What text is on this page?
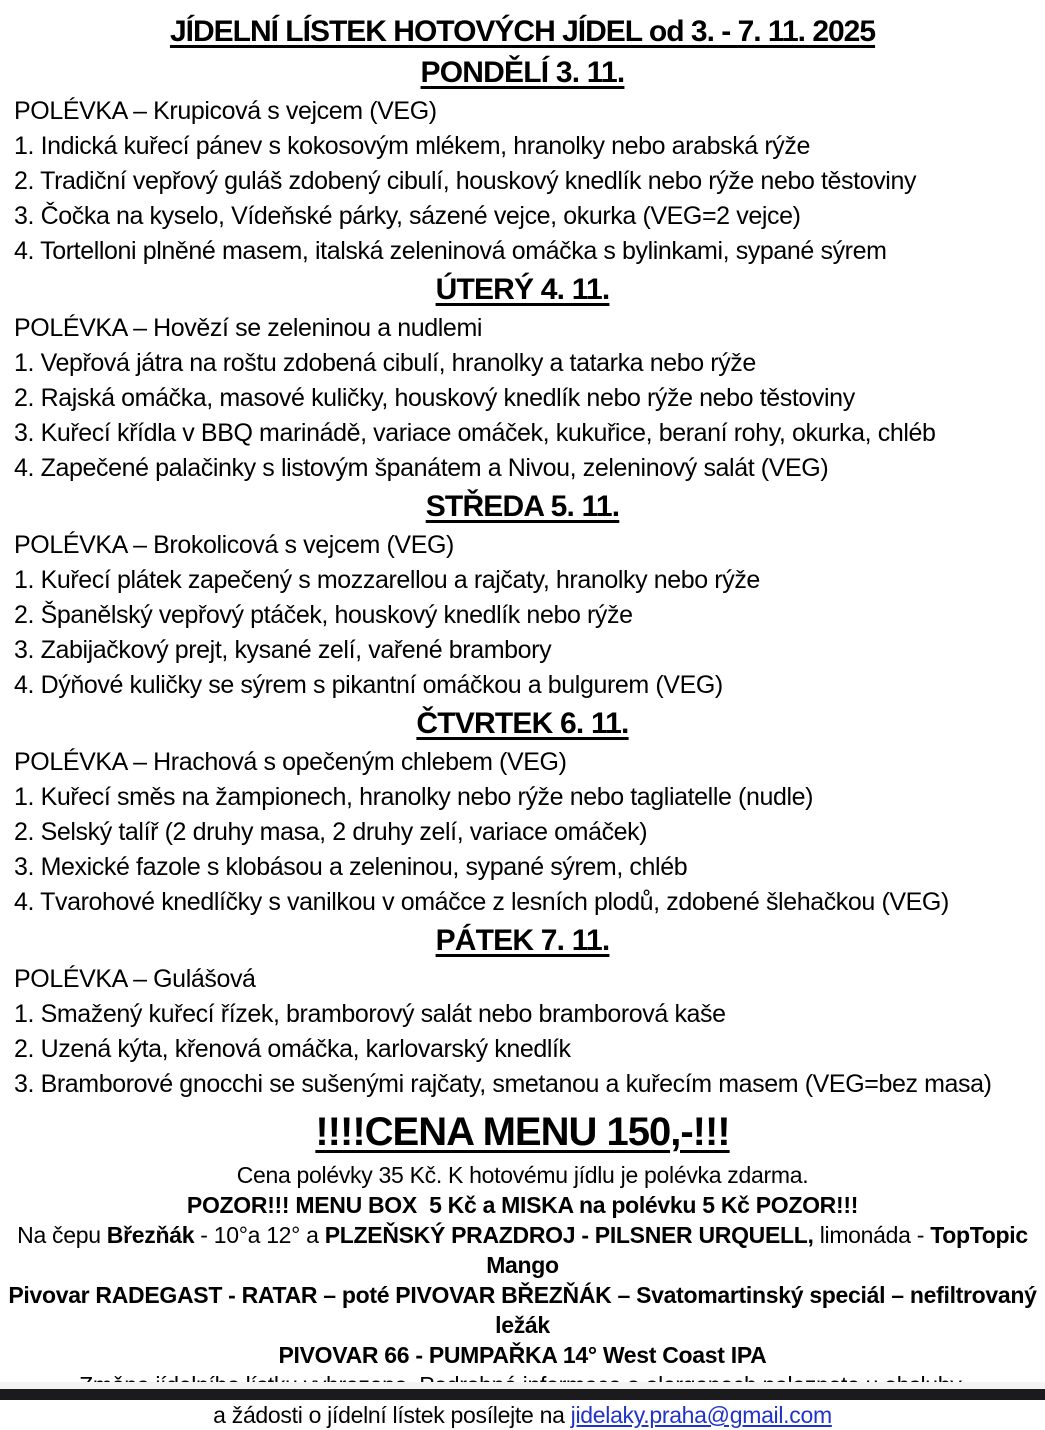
JÍDELNÍ LÍSTEK HOTOVÝCH JÍDEL od 3. - 7. 11. 2025
PONDĚLÍ 3. 11.

POLÉVKA – Krupicová s vejcem (VEG)

1. Indická kuřecí pánev s kokosovým mlékem, hranolky nebo arabská rýže

2. Tradiční vepřový guláš zdobený cibulí, houskový knedlík nebo rýže nebo těstoviny

3. Čočka na kyselo, Vídeňské párky, sázené vejce, okurka (VEG=2 vejce)

4. Tortelloni plněné masem, italská zeleninová omáčka s bylinkami, sypané sýrem

ÚTERÝ 4. 11.

POLÉVKA – Hovězí se zeleninou a nudlemi

1. Vepřová játra na roštu zdobená cibulí, hranolky a tatarka nebo rýže

2. Rajská omáčka, masové kuličky, houskový knedlík nebo rýže nebo těstoviny

3. Kuřecí křídla v BBQ marinádě, variace omáček, kukuřice, beraní rohy, okurka, chléb

4. Zapečené palačinky s listovým španátem a Nivou, zeleninový salát (VEG)

STŘEDA 5. 11.

POLÉVKA – Brokolicová s vejcem (VEG)

1. Kuřecí plátek zapečený s mozzarellou a rajčaty, hranolky nebo rýže

2. Španělský vepřový ptáček, houskový knedlík nebo rýže

3. Zabijačkový prejt, kysané zelí, vařené brambory

4. Dýňové kuličky se sýrem s pikantní omáčkou a bulgurem (VEG)

ČTVRTEK 6. 11.

POLÉVKA – Hrachová s opečeným chlebem (VEG)

1. Kuřecí směs na žampionech, hranolky nebo rýže nebo tagliatelle (nudle)

2. Selský talíř (2 druhy masa, 2 druhy zelí, variace omáček)

3. Mexické fazole s klobásou a zeleninou, sypané sýrem, chléb

4. Tvarohové knedlíčky s vanilkou v omáčce z lesních plodů, zdobené šlehačkou (VEG)

PÁTEK 7. 11.

POLÉVKA – Gulášová

1. Smažený kuřecí řízek, bramborový salát nebo bramborová kaše

2. Uzená kýta, křenová omáčka, karlovarský knedlík

3. Bramborové gnocchi se sušenými rajčaty, smetanou a kuřecím masem (VEG=bez masa)

!!!!CENA MENU 150,-!!!

Cena polévky 35 Kč. K hotovému jídlu je polévka zdarma.

POZOR!!! MENU BOX  5 Kč a MISKA na polévku 5 Kč POZOR!!!

Na čepu Březňák - 10°a 12° a PLZEŇSKÝ PRAZDROJ - PILSNER URQUELL, limonáda - TopTopic Mango

Pivovar RADEGAST - RATAR – poté PIVOVAR BŘEZŇÁK – Svatomartinský speciál – nefiltrovaný ležák

PIVOVAR 66 - PUMPAŘKA 14° West Coast IPA

a žádosti o jídelní lístek posílejte na jidelaky.praha@gmail.com
